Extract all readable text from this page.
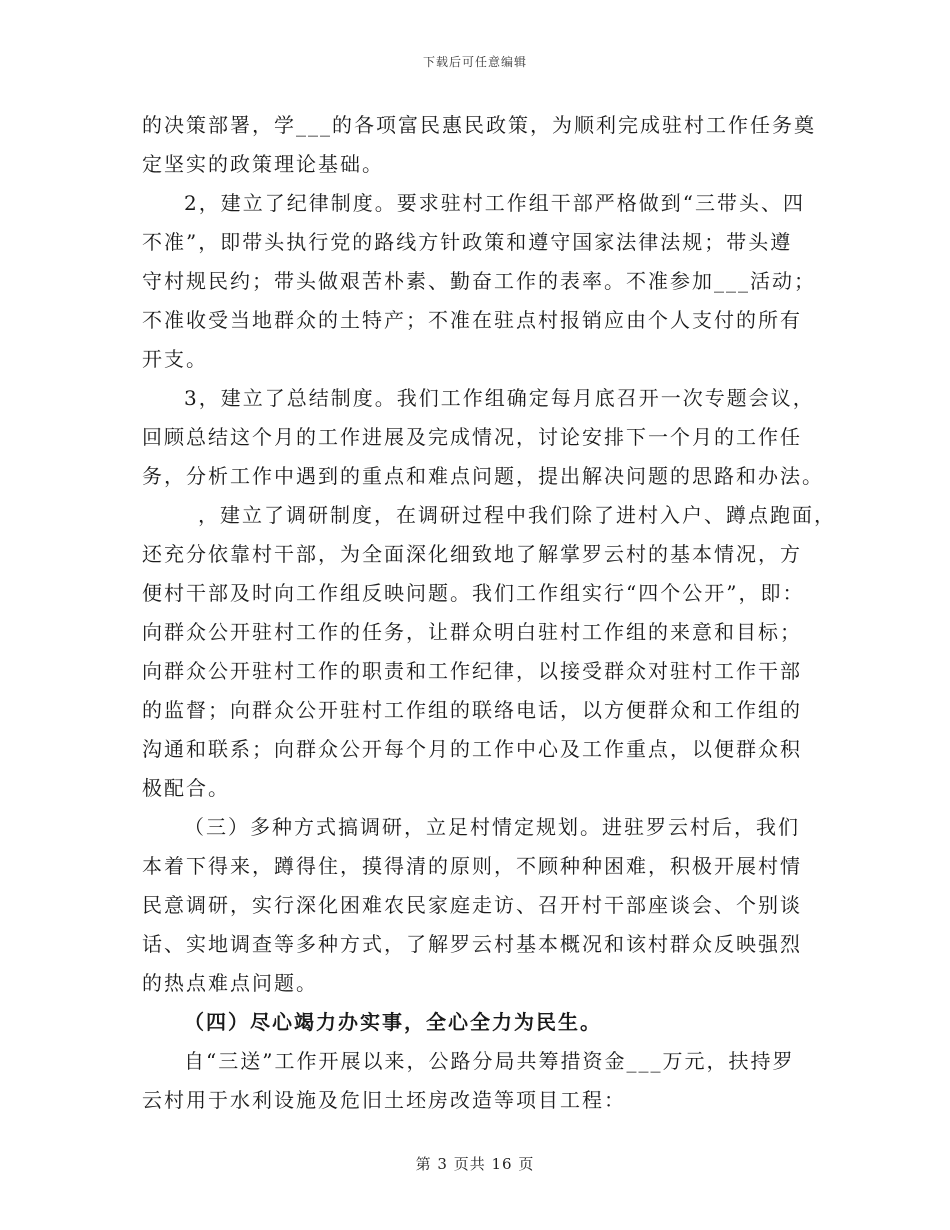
下载后可任意编辑
的决策部署，学___的各项富民惠民政策，为顺利完成驻村工作任务奠
定坚实的政策理论基础。
2，建立了纪律制度。要求驻村工作组干部严格做到“三带头、四
不准”，即带头执行党的路线方针政策和遵守国家法律法规；带头遵
守村规民约；带头做艰苦朴素、勤奋工作的表率。不准参加___活动；
不准收受当地群众的土特产；不准在驻点村报销应由个人支付的所有
开支。
3，建立了总结制度。我们工作组确定每月底召开一次专题会议，
回顾总结这个月的工作进展及完成情况，讨论安排下一个月的工作任
务，分析工作中遇到的重点和难点问题，提出解决问题的思路和办法。
，建立了调研制度，在调研过程中我们除了进村入户、蹲点跑面，
还充分依靠村干部，为全面深化细致地了解掌罗云村的基本情况，方
便村干部及时向工作组反映问题。我们工作组实行“四个公开”，即：
向群众公开驻村工作的任务，让群众明白驻村工作组的来意和目标；
向群众公开驻村工作的职责和工作纪律，以接受群众对驻村工作干部
的监督；向群众公开驻村工作组的联络电话，以方便群众和工作组的
沟通和联系；向群众公开每个月的工作中心及工作重点，以便群众积
极配合。
（三）多种方式搞调研，立足村情定规划。进驻罗云村后，我们
本着下得来，蹲得住，摸得清的原则，不顾种种困难，积极开展村情
民意调研，实行深化困难农民家庭走访、召开村干部座谈会、个别谈
话、实地调查等多种方式，了解罗云村基本概况和该村群众反映强烈
的热点难点问题。
（四）尽心竭力办实事，全心全力为民生。
自“三送”工作开展以来，公路分局共筹措资金___万元，扶持罗
云村用于水利设施及危旧土坯房改造等项目工程：
第 3 页共 16 页
